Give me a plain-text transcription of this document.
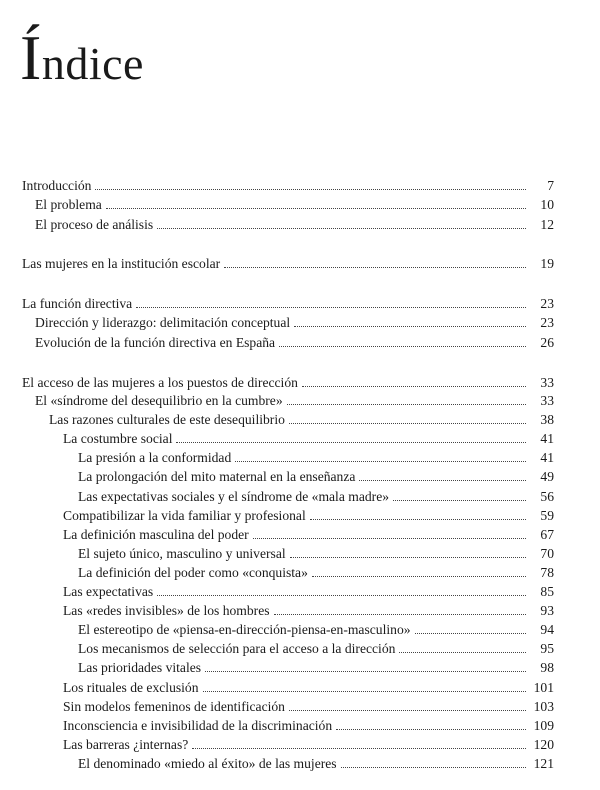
Índice
Introducción	7
El problema	10
El proceso de análisis	12
Las mujeres en la institución escolar	19
La función directiva	23
Dirección y liderazgo: delimitación conceptual	23
Evolución de la función directiva en España	26
El acceso de las mujeres a los puestos de dirección	33
El «síndrome del desequilibrio en la cumbre»	33
Las razones culturales de este desequilibrio	38
La costumbre social	41
La presión a la conformidad	41
La prolongación del mito maternal en la enseñanza	49
Las expectativas sociales y el síndrome de «mala madre»	56
Compatibilizar la vida familiar y profesional	59
La definición masculina del poder	67
El sujeto único, masculino y universal	70
La definición del poder como «conquista»	78
Las expectativas	85
Las «redes invisibles» de los hombres	93
El estereotipo de «piensa-en-dirección-piensa-en-masculino»	94
Los mecanismos de selección para el acceso a la dirección	95
Las prioridades vitales	98
Los rituales de exclusión	101
Sin modelos femeninos de identificación	103
Inconsciencia e invisibilidad de la discriminación	109
Las barreras ¿internas?	120
El denominado «miedo al éxito» de las mujeres	121
